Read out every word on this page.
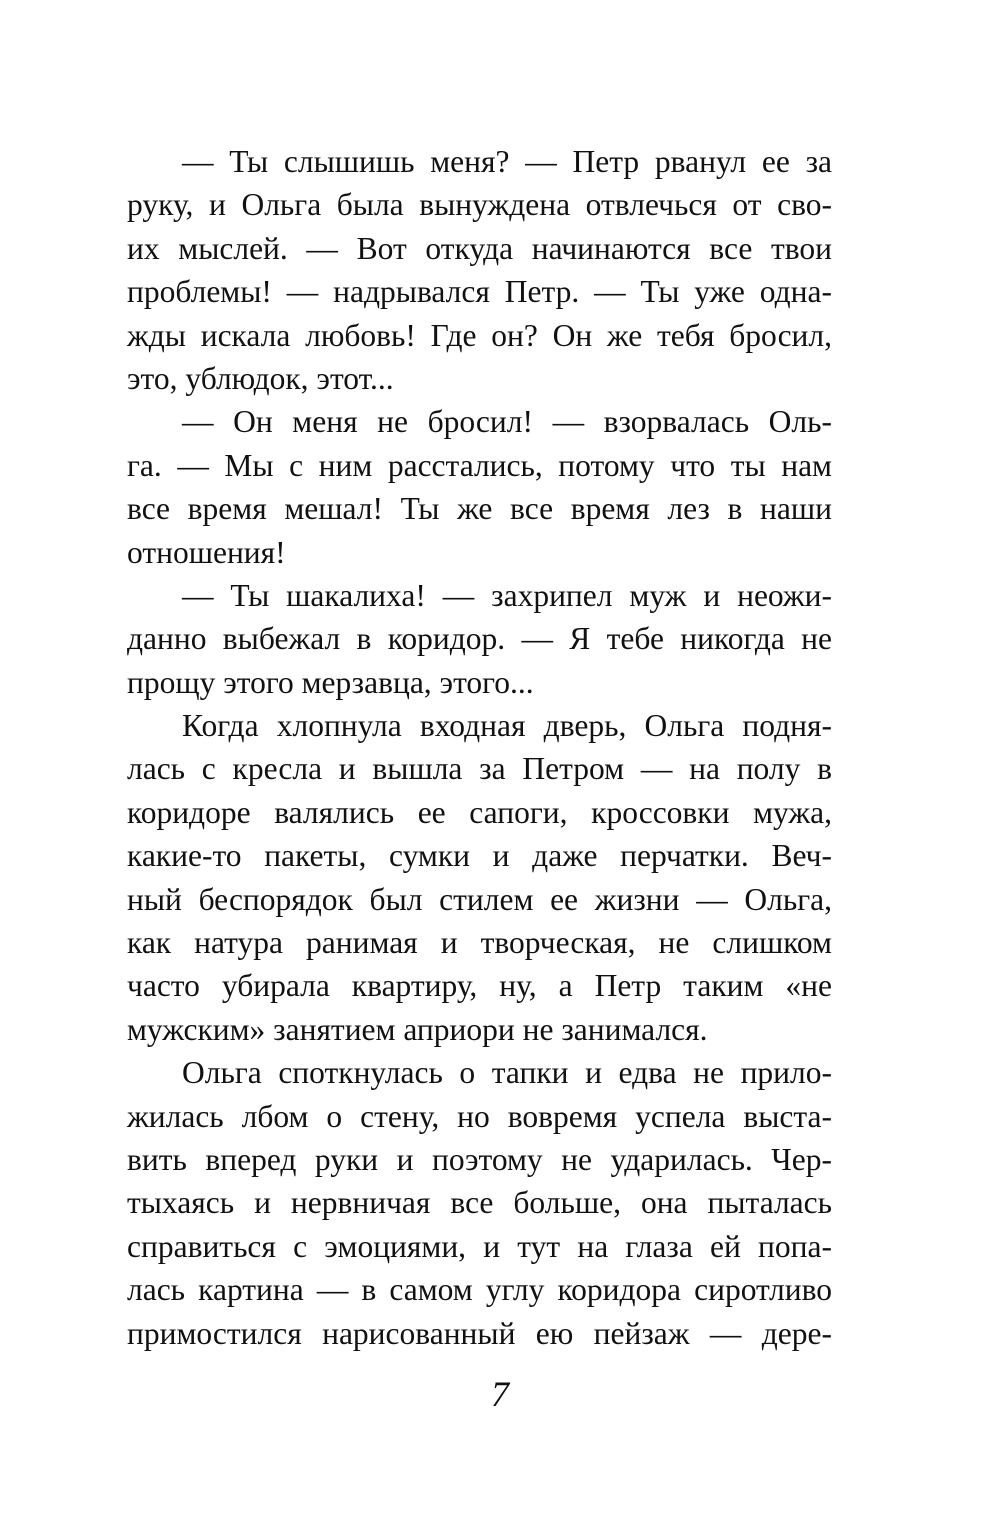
— Ты слышишь меня? — Петр рванул ее за
руку, и Ольга была вынуждена отвлечься от сво-
их мыслей. — Вот откуда начинаются все твои
проблемы! — надрывался Петр. — Ты уже одна-
жды искала любовь! Где он? Он же тебя бросил,
это, ублюдок, этот...
— Он меня не бросил! — взорвалась Оль-
га. — Мы с ним расстались, потому что ты нам
все время мешал! Ты же все время лез в наши
отношения!
— Ты шакалиха! — захрипел муж и неожи-
данно выбежал в коридор. — Я тебе никогда не
прощу этого мерзавца, этого...
Когда хлопнула входная дверь, Ольга подня-
лась с кресла и вышла за Петром — на полу в
коридоре валялись ее сапоги, кроссовки мужа,
какие-то пакеты, сумки и даже перчатки. Веч-
ный беспорядок был стилем ее жизни — Ольга,
как натура ранимая и творческая, не слишком
часто убирала квартиру, ну, а Петр таким «не
мужским» занятием априори не занимался.
Ольга споткнулась о тапки и едва не прило-
жилась лбом о стену, но вовремя успела выста-
вить вперед руки и поэтому не ударилась. Чер-
тыхаясь и нервничая все больше, она пыталась
справиться с эмоциями, и тут на глаза ей попа-
лась картина — в самом углу коридора сиротливо
примостился нарисованный ею пейзаж — дере-
7
